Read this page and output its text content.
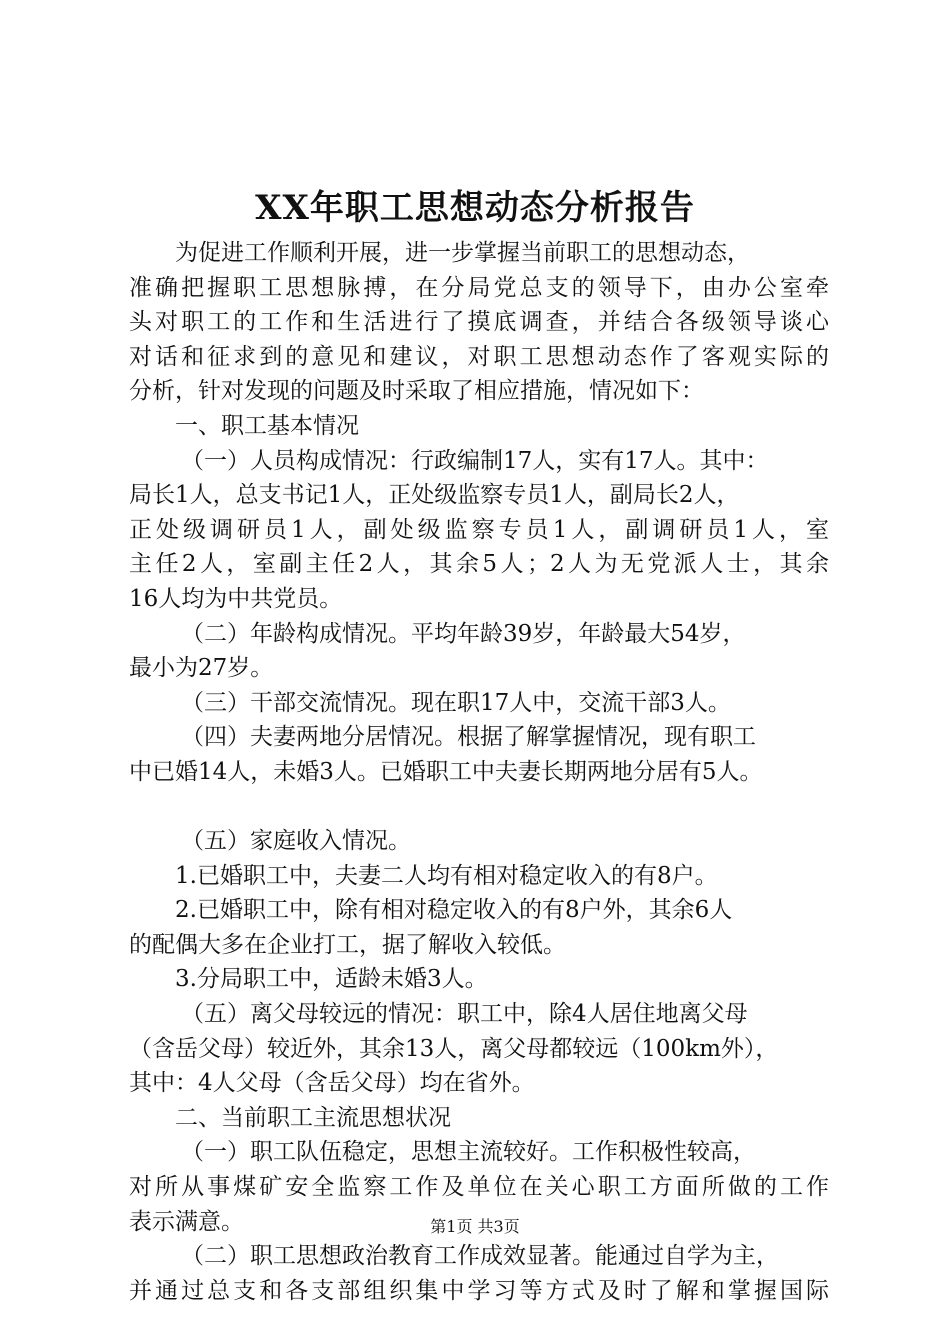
XX年职工思想动态分析报告
为促进工作顺利开展，进一步掌握当前职工的思想动态，
准确把握职工思想脉搏，在分局党总支的领导下，由办公室牵
头对职工的工作和生活进行了摸底调查，并结合各级领导谈心
对话和征求到的意见和建议，对职工思想动态作了客观实际的
分析，针对发现的问题及时采取了相应措施，情况如下：
一、职工基本情况
（一）人员构成情况：行政编制17人，实有17人。其中：
局长1人，总支书记1人，正处级监察专员1人，副局长2人，
正处级调研员1人，副处级监察专员1人，副调研员1人，室
主任2人，室副主任2人，其余5人；2人为无党派人士，其余
16人均为中共党员。
（二）年龄构成情况。平均年龄39岁，年龄最大54岁，
最小为27岁。
（三）干部交流情况。现在职17人中，交流干部3人。
（四）夫妻两地分居情况。根据了解掌握情况，现有职工
中已婚14人，未婚3人。已婚职工中夫妻长期两地分居有5人。
（五）家庭收入情况。
1.已婚职工中，夫妻二人均有相对稳定收入的有8户。
2.已婚职工中，除有相对稳定收入的有8户外，其余6人
的配偶大多在企业打工，据了解收入较低。
3.分局职工中，适龄未婚3人。
（五）离父母较远的情况：职工中，除4人居住地离父母
（含岳父母）较近外，其余13人，离父母都较远（100km外），
其中：4人父母（含岳父母）均在省外。
二、当前职工主流思想状况
（一）职工队伍稳定，思想主流较好。工作积极性较高，
对所从事煤矿安全监察工作及单位在关心职工方面所做的工作
表示满意。
（二）职工思想政治教育工作成效显著。能通过自学为主，
并通过总支和各支部组织集中学习等方式及时了解和掌握国际
第1页 共3页
